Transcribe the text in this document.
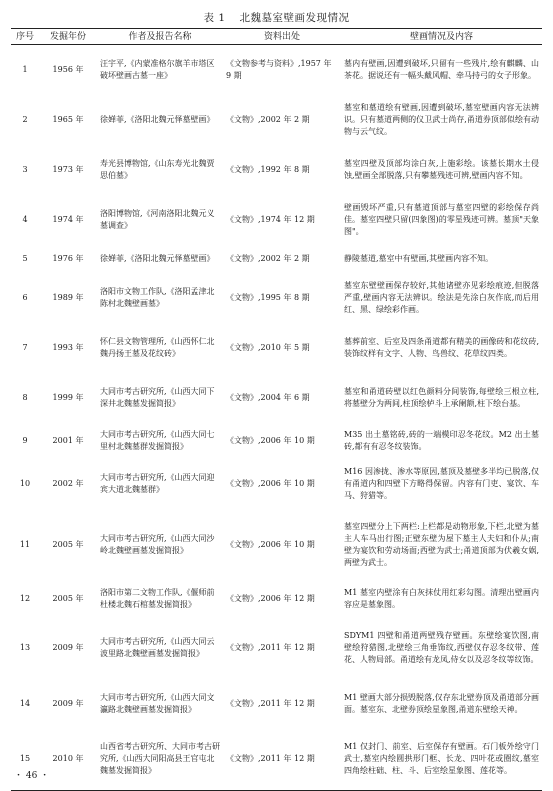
表 1 北魏墓室壁画发现情况
序号	发掘年份	作者及报告名称	资料出处	壁画情况及内容
1	1956 年	汪宇平,《内蒙准格尔旗羊市塔区破坏壁画古墓一座》	《文物参考与资料》,1957 年 9 期	墓内有壁画,因遭到破坏,只留有一些残片,绘有麒麟、山茶花。据说还有一幅头戴风帽、牵马持弓的女子形象。
2	1965 年	徐婵菲,《洛阳北魏元怿墓壁画》	《文物》,2002 年 2 期	墓室和墓道绘有壁画,因遭到破坏,墓室壁画内容无法辨识。只有墓道两侧的仪卫武士尚存,甬道券顶部似绘有动物与云气纹。
3	1973 年	寿光县博物馆,《山东寿光北魏贾思伯墓》	《文物》,1992 年 8 期	墓室四壁及顶部均涂白灰,上施彩绘。该墓长期水土侵蚀,壁画全部脱落,只有攀墓残迹可辨,壁画内容不知。
4	1974 年	洛阳博物馆,《河南洛阳北魏元义墓调查》	《文物》,1974 年 12 期	壁画毁坏严重,只有墓道顶部与墓室四壁的彩绘保存尚佳。墓室四壁只留(四象图)的零星残迹可辨。墓顶"天象图"。
5	1976 年	徐婵菲,《洛阳北魏元怿墓壁画》	《文物》,2002 年 2 期	静陵墓道,墓室中有壁画,其壁画内容不知。
6	1989 年	洛阳市文物工作队,《洛阳孟津北陈村北魏壁画墓》	《文物》,1995 年 8 期	墓室东壁壁画保存较好,其他诸壁亦见彩绘痕迹,但脱落严重,壁画内容无法辨识。绘法是先涂白灰作底,而后用红、黑、绿绘彩作画。
7	1993 年	怀仁县文物管理所,《山西怀仁北魏丹扬王墓及花纹砖》	《文物》,2010 年 5 期	墓葬前室、后室及四条甬道都有精美的画像砖和花纹砖,装饰纹样有文字、人物、鸟兽纹、花草纹四类。
8	1999 年	大同市考古研究所,《山西大同下深井北魏墓发掘简报》	《文物》,2004 年 6 期	墓室和甬道砖壁以红色颜料分间装饰,每壁绘三根立柱,将墓壁分为两间,柱顶绘栌斗上承阑额,柱下绘台基。
9	2001 年	大同市考古研究所,《山西大同七里村北魏墓群发掘简报》	《文物》,2006 年 10 期	M35 出土墓铭砖,砖的一端模印忍冬花纹。M2 出土墓砖,都有有忍冬纹装饰。
10	2002 年	大同市考古研究所,《山西大同迎宾大道北魏墓群》	《文物》,2006 年 10 期	M16 因渗拢、渗水等原因,墓顶及墓壁多半均已脱落,仅有甬道内和四壁下方略得保留。内容有门吏、宴饮、车马、狩猎等。
11	2005 年	大同市考古研究所,《山西大同沙岭北魏壁画墓发掘简报》	《文物》,2006 年 10 期	墓室四壁分上下两栏:上栏都是动物形象,下栏,北壁为墓主人车马出行图;正壁东壁为屋下墓主人夫妇和仆从;南壁为宴饮和劳动场面;西壁为武士;甬道顶部为伏羲女娲,两壁为武士。
12	2005 年	洛阳市第二文物工作队,《偃师前杜楼北魏石棺墓发掘简报》	《文物》,2006 年 12 期	M1 墓室内壁涂有白灰抹仗用红彩勾图。清理出壁画内容应是墓象图。
13	2009 年	大同市考古研究所,《山西大同云波里路北魏壁画墓发掘简报》	《文物》,2011 年 12 期	SDYM1 四壁和甬道两壁残存壁画。东壁绘宴饮图,南壁绘狩猎图,北壁绘三角垂饰纹,西壁仅存忍冬纹带、莲花、人物局部。甬道绘有龙凤,侍女以及忍冬纹等纹饰。
14	2009 年	大同市考古研究所,《山西大同文瀛路北魏壁画墓发掘简报》	《文物》,2011 年 12 期	M1 壁画大部分损毁脱落,仅存东北壁券顶及甬道部分画面。墓室东、北壁券顶绘星象图,甬道东壁绘天神。
15	2010 年	山西省考古研究所、大同市考古研究所,《山西大同阳高县王官屯北魏墓发掘简报》	《文物》,2011 年 12 期	M1 仅封门、前室、后室保存有壁画。石门板外绘守门武士,墓室内绘圆拱形门框、长龙、四叶花或圈纹,墓室四角绘柱础、柱、斗、后室绘星象图、莲花等。
・ 46 ・
